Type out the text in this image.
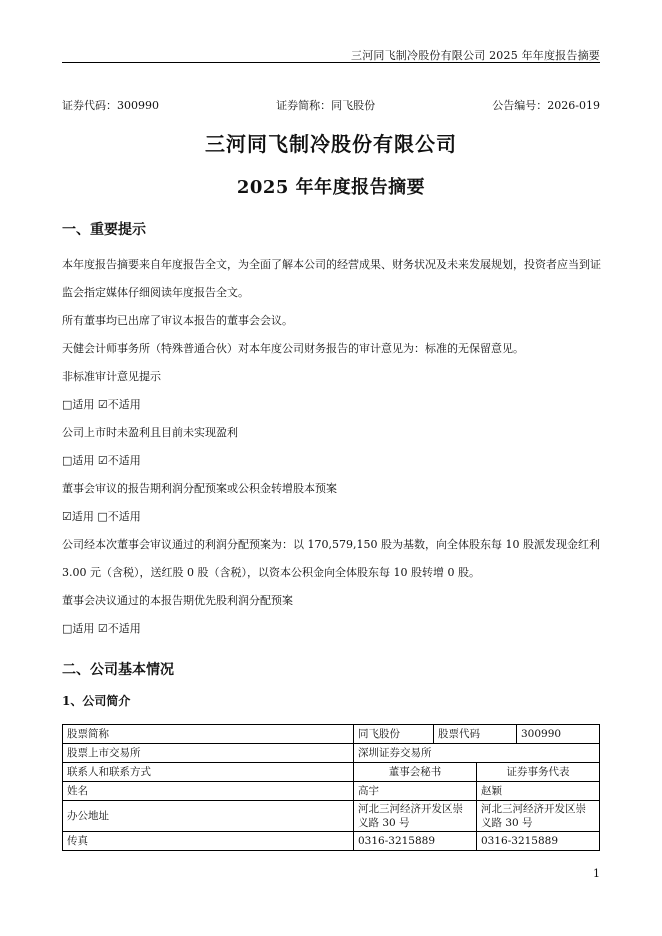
三河同飞制冷股份有限公司 2025 年年度报告摘要
证券代码：300990	证券简称：同飞股份	公告编号：2026-019
三河同飞制冷股份有限公司
2025 年年度报告摘要
一、重要提示
本年度报告摘要来自年度报告全文，为全面了解本公司的经营成果、财务状况及未来发展规划，投资者应当到证监会指定媒体仔细阅读年度报告全文。
所有董事均已出席了审议本报告的董事会会议。
天健会计师事务所（特殊普通合伙）对本年度公司财务报告的审计意见为：标准的无保留意见。
非标准审计意见提示
□适用 ☑不适用
公司上市时未盈利且目前未实现盈利
□适用 ☑不适用
董事会审议的报告期利润分配预案或公积金转增股本预案
☑适用 □不适用
公司经本次董事会审议通过的利润分配预案为：以 170,579,150 股为基数，向全体股东每 10 股派发现金红利 3.00 元（含税），送红股 0 股（含税），以资本公积金向全体股东每 10 股转增 0 股。
董事会决议通过的本报告期优先股利润分配预案
□适用 ☑不适用
二、公司基本情况
1、公司简介
股票简称	同飞股份	股票代码		300990
股票上市交易所	深圳证券交易所			
联系人和联系方式	董事会秘书		证券事务代表	
姓名	高宇		赵颖	
办公地址	河北三河经济开发区崇义路 30 号		河北三河经济开发区崇义路 30 号	
传真	0316-3215889		0316-3215889	
1
